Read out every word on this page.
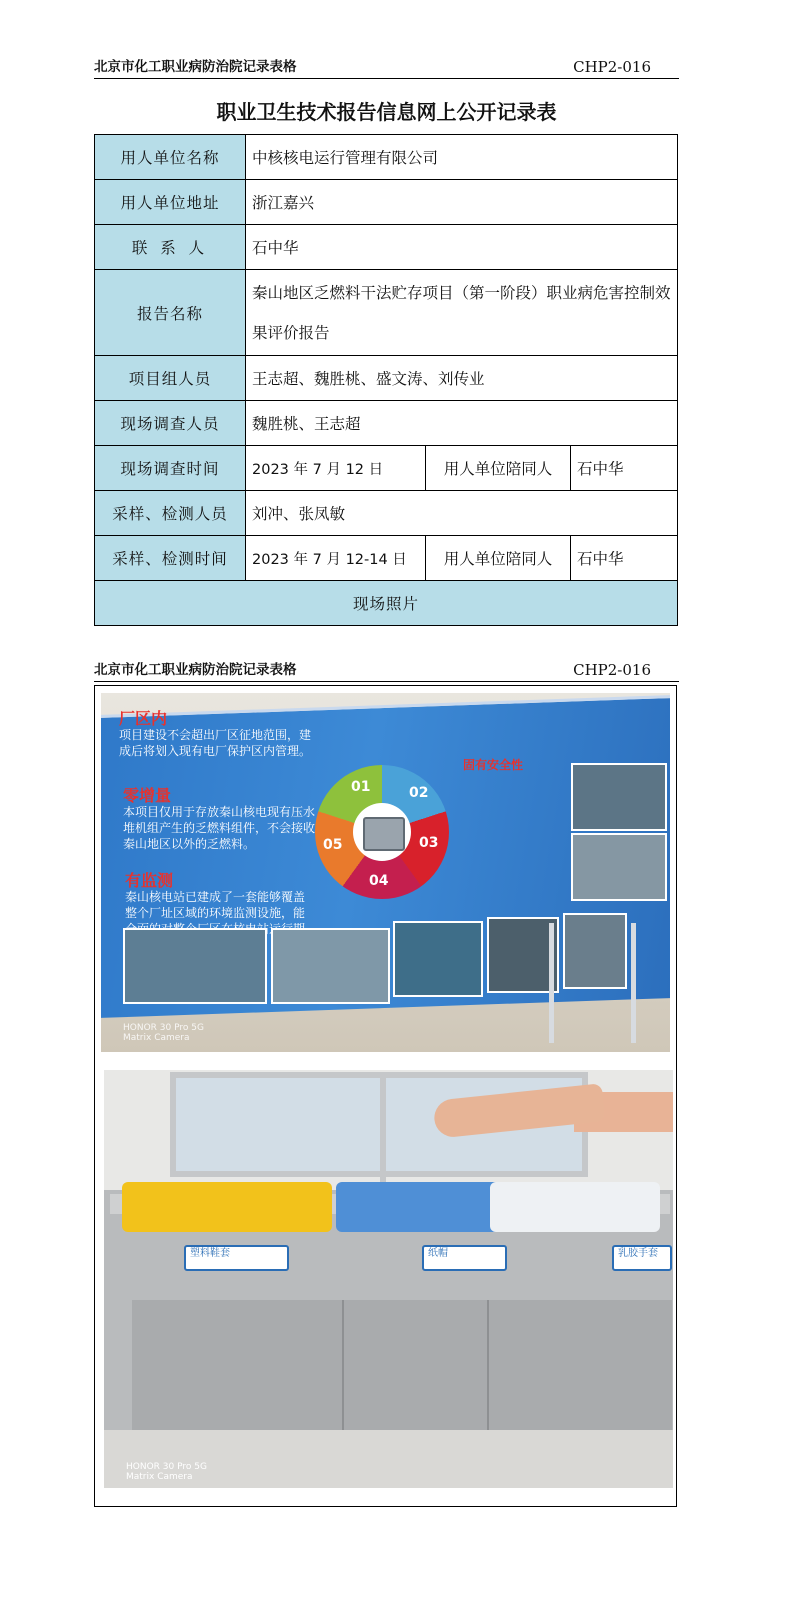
北京市化工职业病防治院记录表格	CHP2-016
职业卫生技术报告信息网上公开记录表
用人单位名称	中核核电运行管理有限公司		
用人单位地址	浙江嘉兴		
联 系 人	石中华		
报告名称	秦山地区乏燃料干法贮存项目（第一阶段）职业病危害控制效果评价报告		
项目组人员	王志超、魏胜桃、盛文涛、刘传业		
现场调查人员	魏胜桃、王志超		
现场调查时间	2023 年 7 月 12 日	用人单位陪同人	石中华
采样、检测人员	刘冲、张凤敏		
采样、检测时间	2023 年 7 月 12-14 日	用人单位陪同人	石中华
现场照片			
北京市化工职业病防治院记录表格	CHP2-016
厂区内
项目建设不会超出厂区征地范围，建成后将划入现有电厂保护区内管理。
零增量
本项目仅用于存放秦山核电现有压水堆机组产生的乏燃料组件，不会接收秦山地区以外的乏燃料。
有监测
秦山核电站已建成了一套能够覆盖整个厂址区域的环境监测设施，能
01	02
03
04
05
固有安全性
HONOR 30 Pro 5G
Matrix Camera
塑料鞋套	纸帽	乳胶手套
HONOR 30 Pro 5G
Matrix Camera
